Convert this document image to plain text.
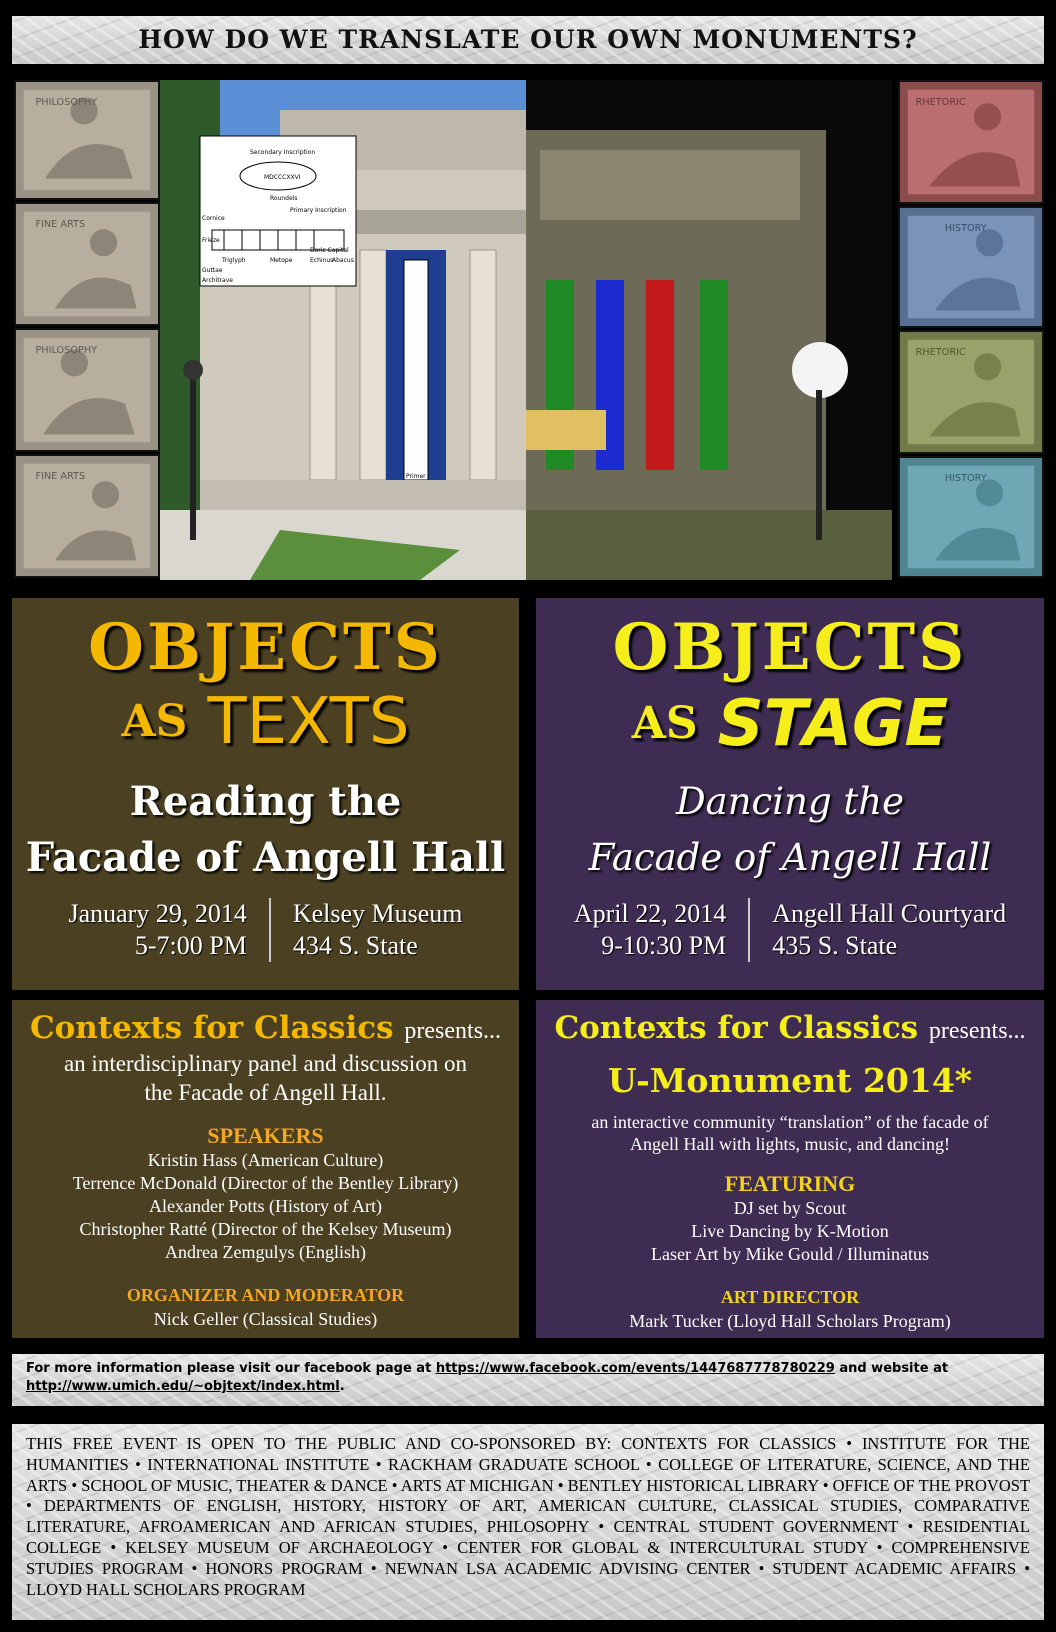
HOW DO WE TRANSLATE OUR OWN MONUMENTS?
PHILOSOPHY
FINE ARTS
PHILOSOPHY
FINE ARTS
Secondary Inscription
MDCCCXXVI
Roundels
Primary Inscription
Cornice
Frieze
Triglyph	Metope	Echinus
Doric Capital
Abacus
Guttae
Architrave
Primer
RHETORIC
HISTORY
RHETORIC
HISTORY
OBJECTS
AS TEXTS
Reading the
Facade of Angell Hall
January 29, 2014
5-7:00 PM
Kelsey Museum
434 S. State
OBJECTS
AS STAGE
Dancing the
Facade of Angell Hall
April 22, 2014
9-10:30 PM
Angell Hall Courtyard
435 S. State
Contexts for Classics presents...
an interdisciplinary panel and discussion on
the Facade of Angell Hall.
SPEAKERS
Kristin Hass (American Culture)
Terrence McDonald (Director of the Bentley Library)
Alexander Potts (History of Art)
Christopher Ratté (Director of the Kelsey Museum)
Andrea Zemgulys (English)
ORGANIZER AND MODERATOR
Nick Geller (Classical Studies)
Contexts for Classics presents...
U-Monument 2014*
an interactive community “translation” of the facade of
Angell Hall with lights, music, and dancing!
FEATURING
DJ set by Scout
Live Dancing by K-Motion
Laser Art by Mike Gould / Illuminatus
ART DIRECTOR
Mark Tucker (Lloyd Hall Scholars Program)
For more information please visit our facebook page at https://www.facebook.com/events/1447687778780229 and website at http://www.umich.edu/~objtext/index.html.
THIS FREE EVENT IS OPEN TO THE PUBLIC AND CO-SPONSORED BY: CONTEXTS FOR CLASSICS • INSTITUTE FOR THE HUMANITIES • INTERNATIONAL INSTITUTE • RACKHAM GRADUATE SCHOOL • COLLEGE OF LITERATURE, SCIENCE, AND THE ARTS • SCHOOL OF MUSIC, THEATER & DANCE • ARTS AT MICHIGAN • BENTLEY HISTORICAL LIBRARY • OFFICE OF THE PROVOST • DEPARTMENTS OF ENGLISH, HISTORY, HISTORY OF ART, AMERICAN CULTURE, CLASSICAL STUDIES, COMPARATIVE LITERATURE, AFROAMERICAN AND AFRICAN STUDIES, PHILOSOPHY • CENTRAL STUDENT GOVERNMENT • RESIDENTIAL COLLEGE • KELSEY MUSEUM OF ARCHAEOLOGY • CENTER FOR GLOBAL & INTERCULTURAL STUDY • COMPREHENSIVE STUDIES PROGRAM • HONORS PROGRAM • NEWNAN LSA ACADEMIC ADVISING CENTER • STUDENT ACADEMIC AFFAIRS • LLOYD HALL SCHOLARS PROGRAM
